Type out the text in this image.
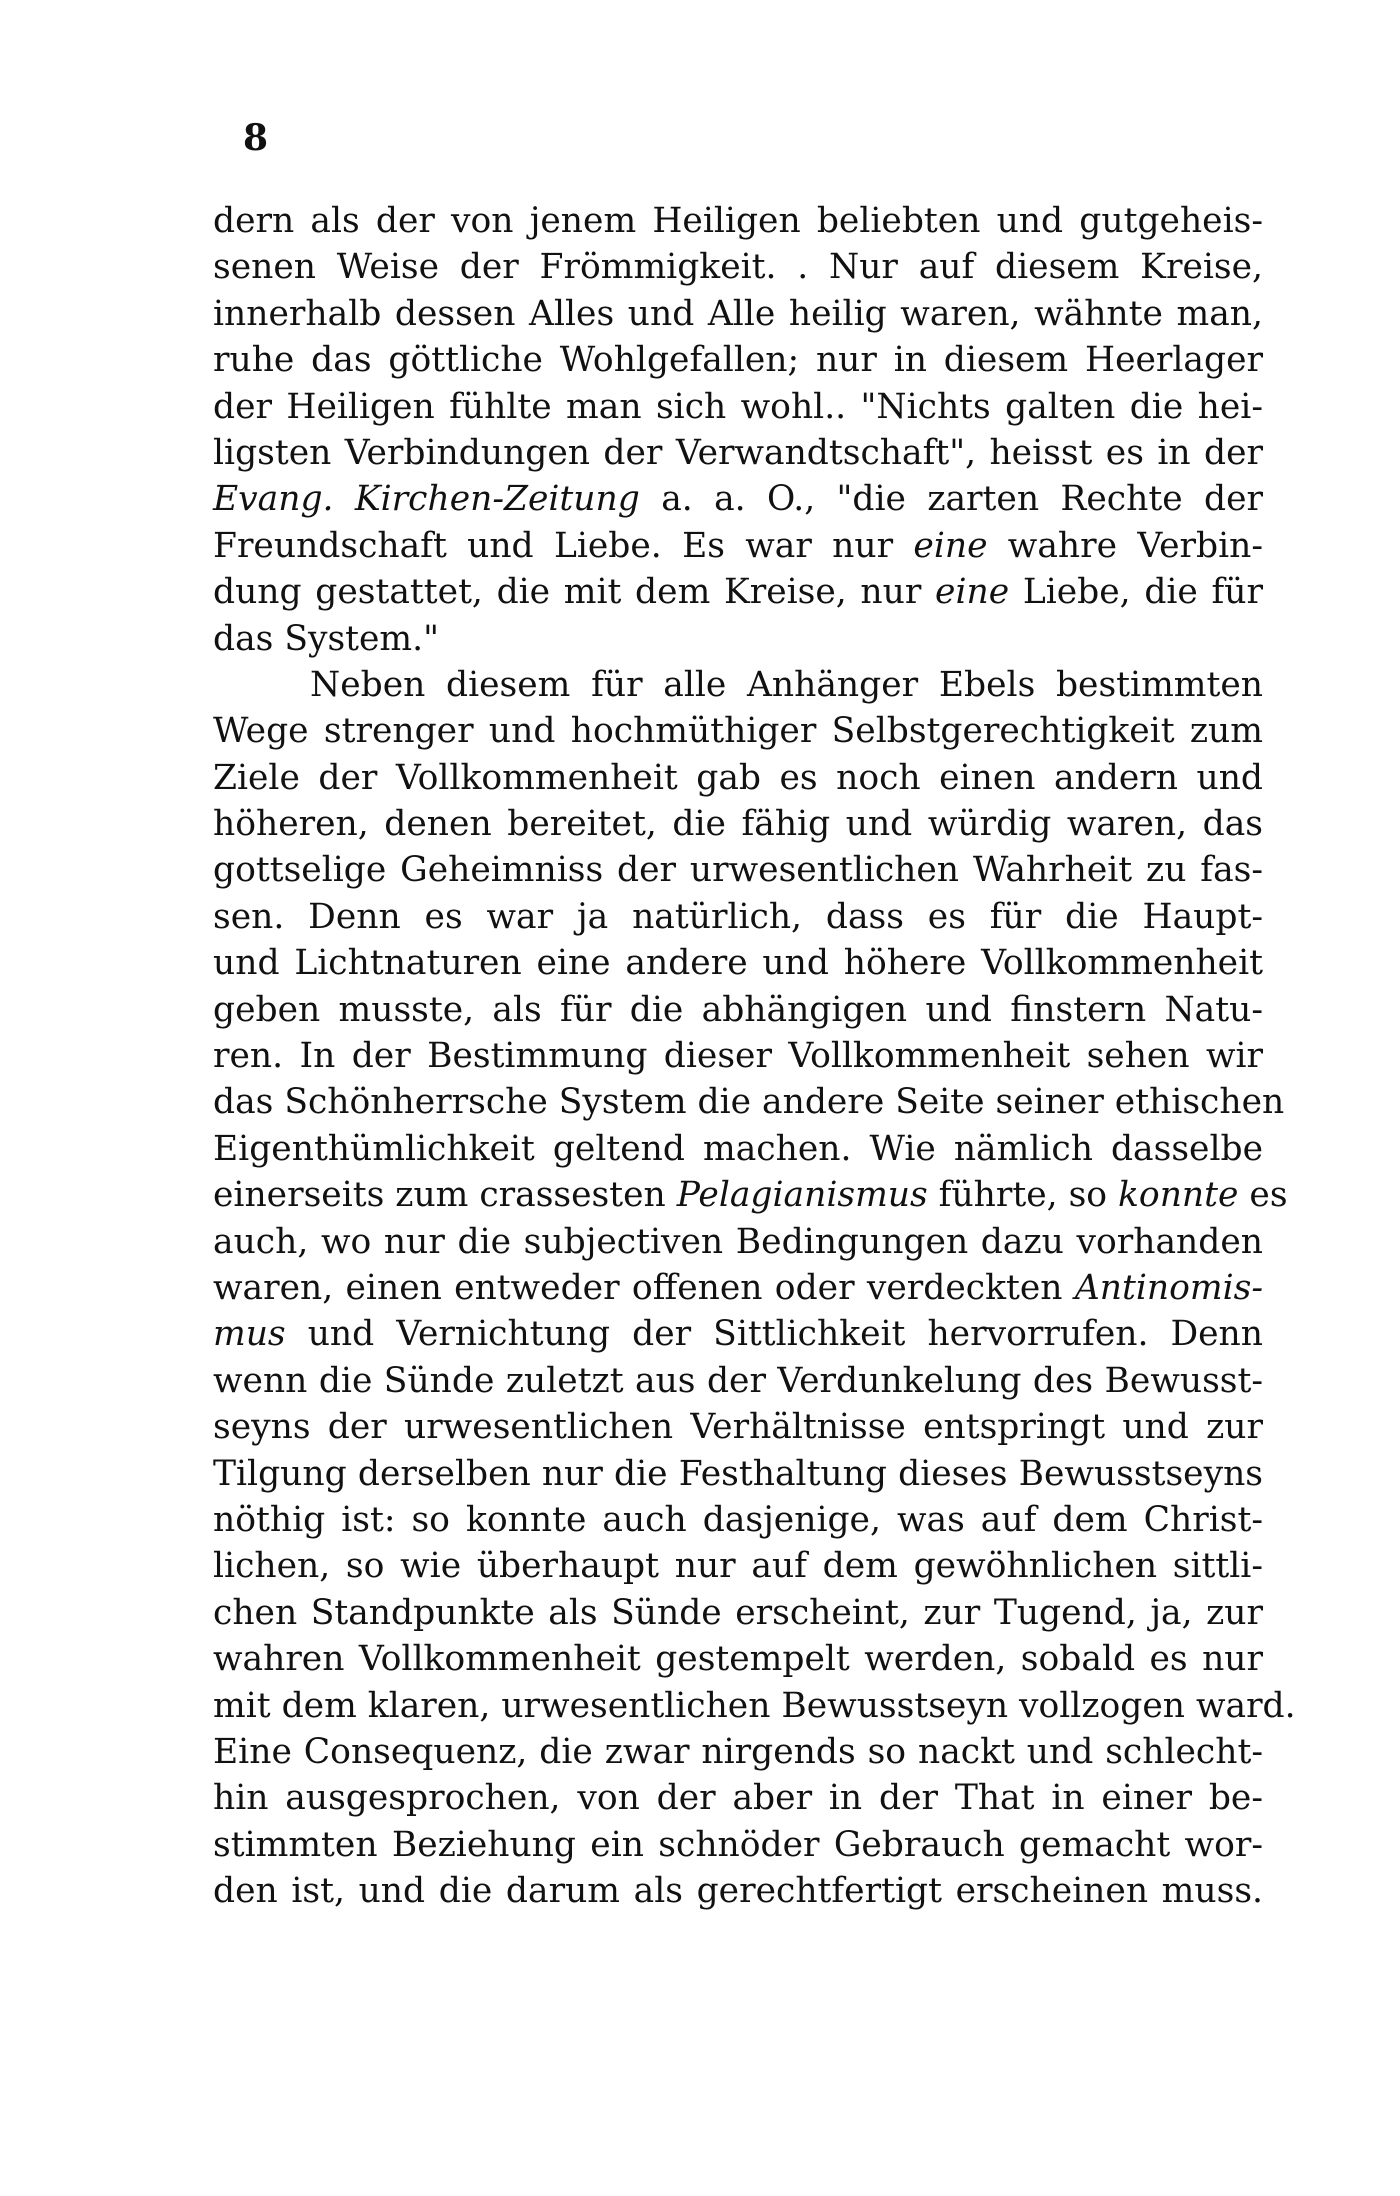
8
dern als der von jenem Heiligen beliebten und gutgeheis-
senen Weise der Frömmigkeit. . Nur auf diesem Kreise,
innerhalb dessen Alles und Alle heilig waren, wähnte man,
ruhe das göttliche Wohlgefallen; nur in diesem Heerlager
der Heiligen fühlte man sich wohl.. "Nichts galten die hei-
ligsten Verbindungen der Verwandtschaft", heisst es in der
Evang. Kirchen-Zeitung a. a. O., "die zarten Rechte der
Freundschaft und Liebe. Es war nur eine wahre Verbin-
dung gestattet, die mit dem Kreise, nur eine Liebe, die für
das System."
Neben diesem für alle Anhänger Ebels bestimmten
Wege strenger und hochmüthiger Selbstgerechtigkeit zum
Ziele der Vollkommenheit gab es noch einen andern und
höheren, denen bereitet, die fähig und würdig waren, das
gottselige Geheimniss der urwesentlichen Wahrheit zu fas-
sen. Denn es war ja natürlich, dass es für die Haupt-
und Lichtnaturen eine andere und höhere Vollkommenheit
geben musste, als für die abhängigen und finstern Natu-
ren. In der Bestimmung dieser Vollkommenheit sehen wir
das Schönherrsche System die andere Seite seiner ethischen
Eigenthümlichkeit geltend machen. Wie nämlich dasselbe
einerseits zum crassesten Pelagianismus führte, so konnte es
auch, wo nur die subjectiven Bedingungen dazu vorhanden
waren, einen entweder offenen oder verdeckten Antinomis-
mus und Vernichtung der Sittlichkeit hervorrufen. Denn
wenn die Sünde zuletzt aus der Verdunkelung des Bewusst-
seyns der urwesentlichen Verhältnisse entspringt und zur
Tilgung derselben nur die Festhaltung dieses Bewusstseyns
nöthig ist: so konnte auch dasjenige, was auf dem Christ-
lichen, so wie überhaupt nur auf dem gewöhnlichen sittli-
chen Standpunkte als Sünde erscheint, zur Tugend, ja, zur
wahren Vollkommenheit gestempelt werden, sobald es nur
mit dem klaren, urwesentlichen Bewusstseyn vollzogen ward.
Eine Consequenz, die zwar nirgends so nackt und schlecht-
hin ausgesprochen, von der aber in der That in einer be-
stimmten Beziehung ein schnöder Gebrauch gemacht wor-
den ist, und die darum als gerechtfertigt erscheinen muss.
